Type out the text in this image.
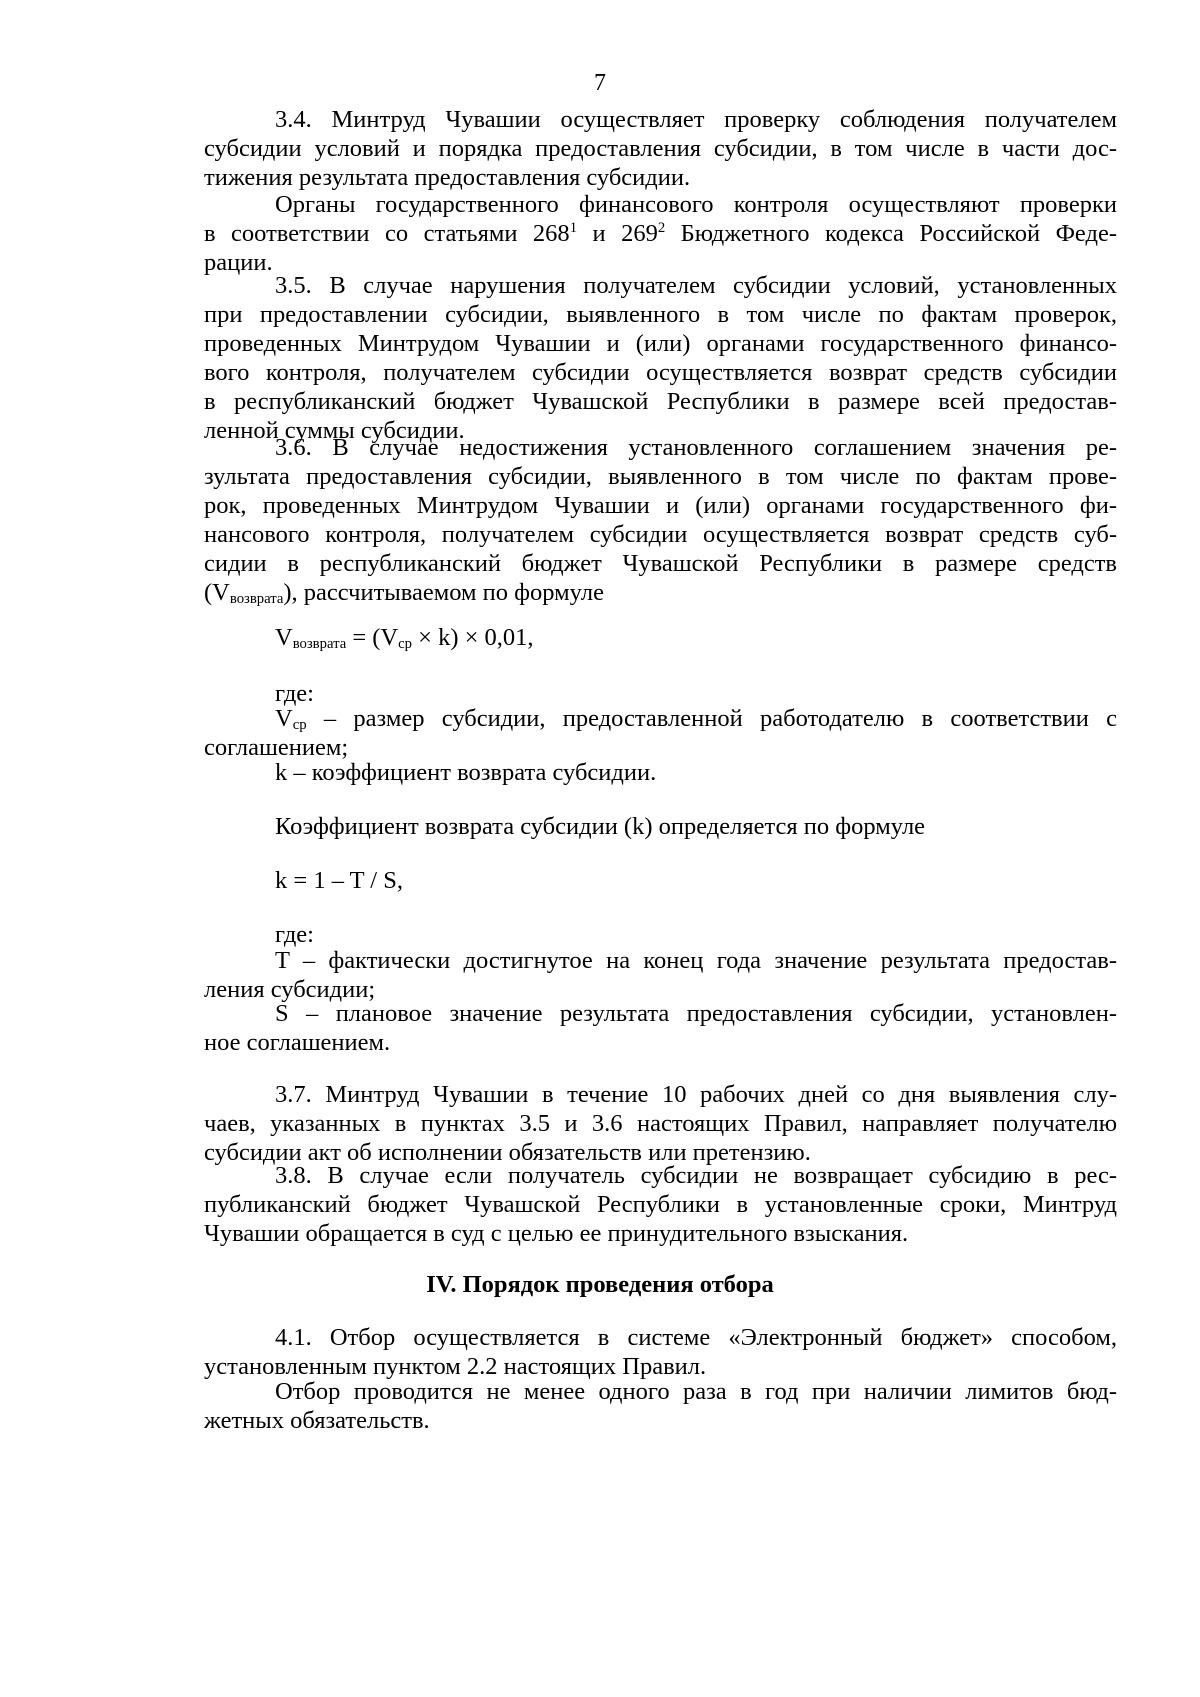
7
3.4. Минтруд Чувашии осуществляет проверку соблюдения получателем
субсидии условий и порядка предоставления субсидии, в том числе в части дос-
тижения результата предоставления субсидии.
Органы государственного финансового контроля осуществляют проверки
в соответствии со статьями $268^1$ и $269^2$ Бюджетного кодекса Российской Феде-
рации.
3.5. В случае нарушения получателем субсидии условий, установленных
при предоставлении субсидии, выявленного в том числе по фактам проверок,
проведенных Минтрудом Чувашии и (или) органами государственного финансо-
вого контроля, получателем субсидии осуществляется возврат средств субсидии
в республиканский бюджет Чувашской Республики в размере всей предостав-
ленной суммы субсидии.
3.6. В случае недостижения установленного соглашением значения ре-
зультата предоставления субсидии, выявленного в том числе по фактам прове-
рок, проведенных Минтрудом Чувашии и (или) органами государственного фи-
нансового контроля, получателем субсидии осуществляется возврат средств суб-
сидии в республиканский бюджет Чувашской Республики в размере средств
$(V_{возврата})$, рассчитываемом по формуле
$V_{возврата} = (V_{ср} \times k) \times 0,01$,
где:
$V_{ср}$ – размер субсидии, предоставленной работодателю в соответствии с
соглашением;
k – коэффициент возврата субсидии.
Коэффициент возврата субсидии (k) определяется по формуле
k = 1 – T / S,
где:
T – фактически достигнутое на конец года значение результата предостав-
ления субсидии;
S – плановое значение результата предоставления субсидии, установлен-
ное соглашением.
3.7. Минтруд Чувашии в течение 10 рабочих дней со дня выявления слу-
чаев, указанных в пунктах 3.5 и 3.6 настоящих Правил, направляет получателю
субсидии акт об исполнении обязательств или претензию.
3.8. В случае если получатель субсидии не возвращает субсидию в рес-
публиканский бюджет Чувашской Республики в установленные сроки, Минтруд
Чувашии обращается в суд с целью ее принудительного взыскания.
IV. Порядок проведения отбора
4.1. Отбор осуществляется в системе «Электронный бюджет» способом,
установленным пунктом 2.2 настоящих Правил.
Отбор проводится не менее одного раза в год при наличии лимитов бюд-
жетных обязательств.
